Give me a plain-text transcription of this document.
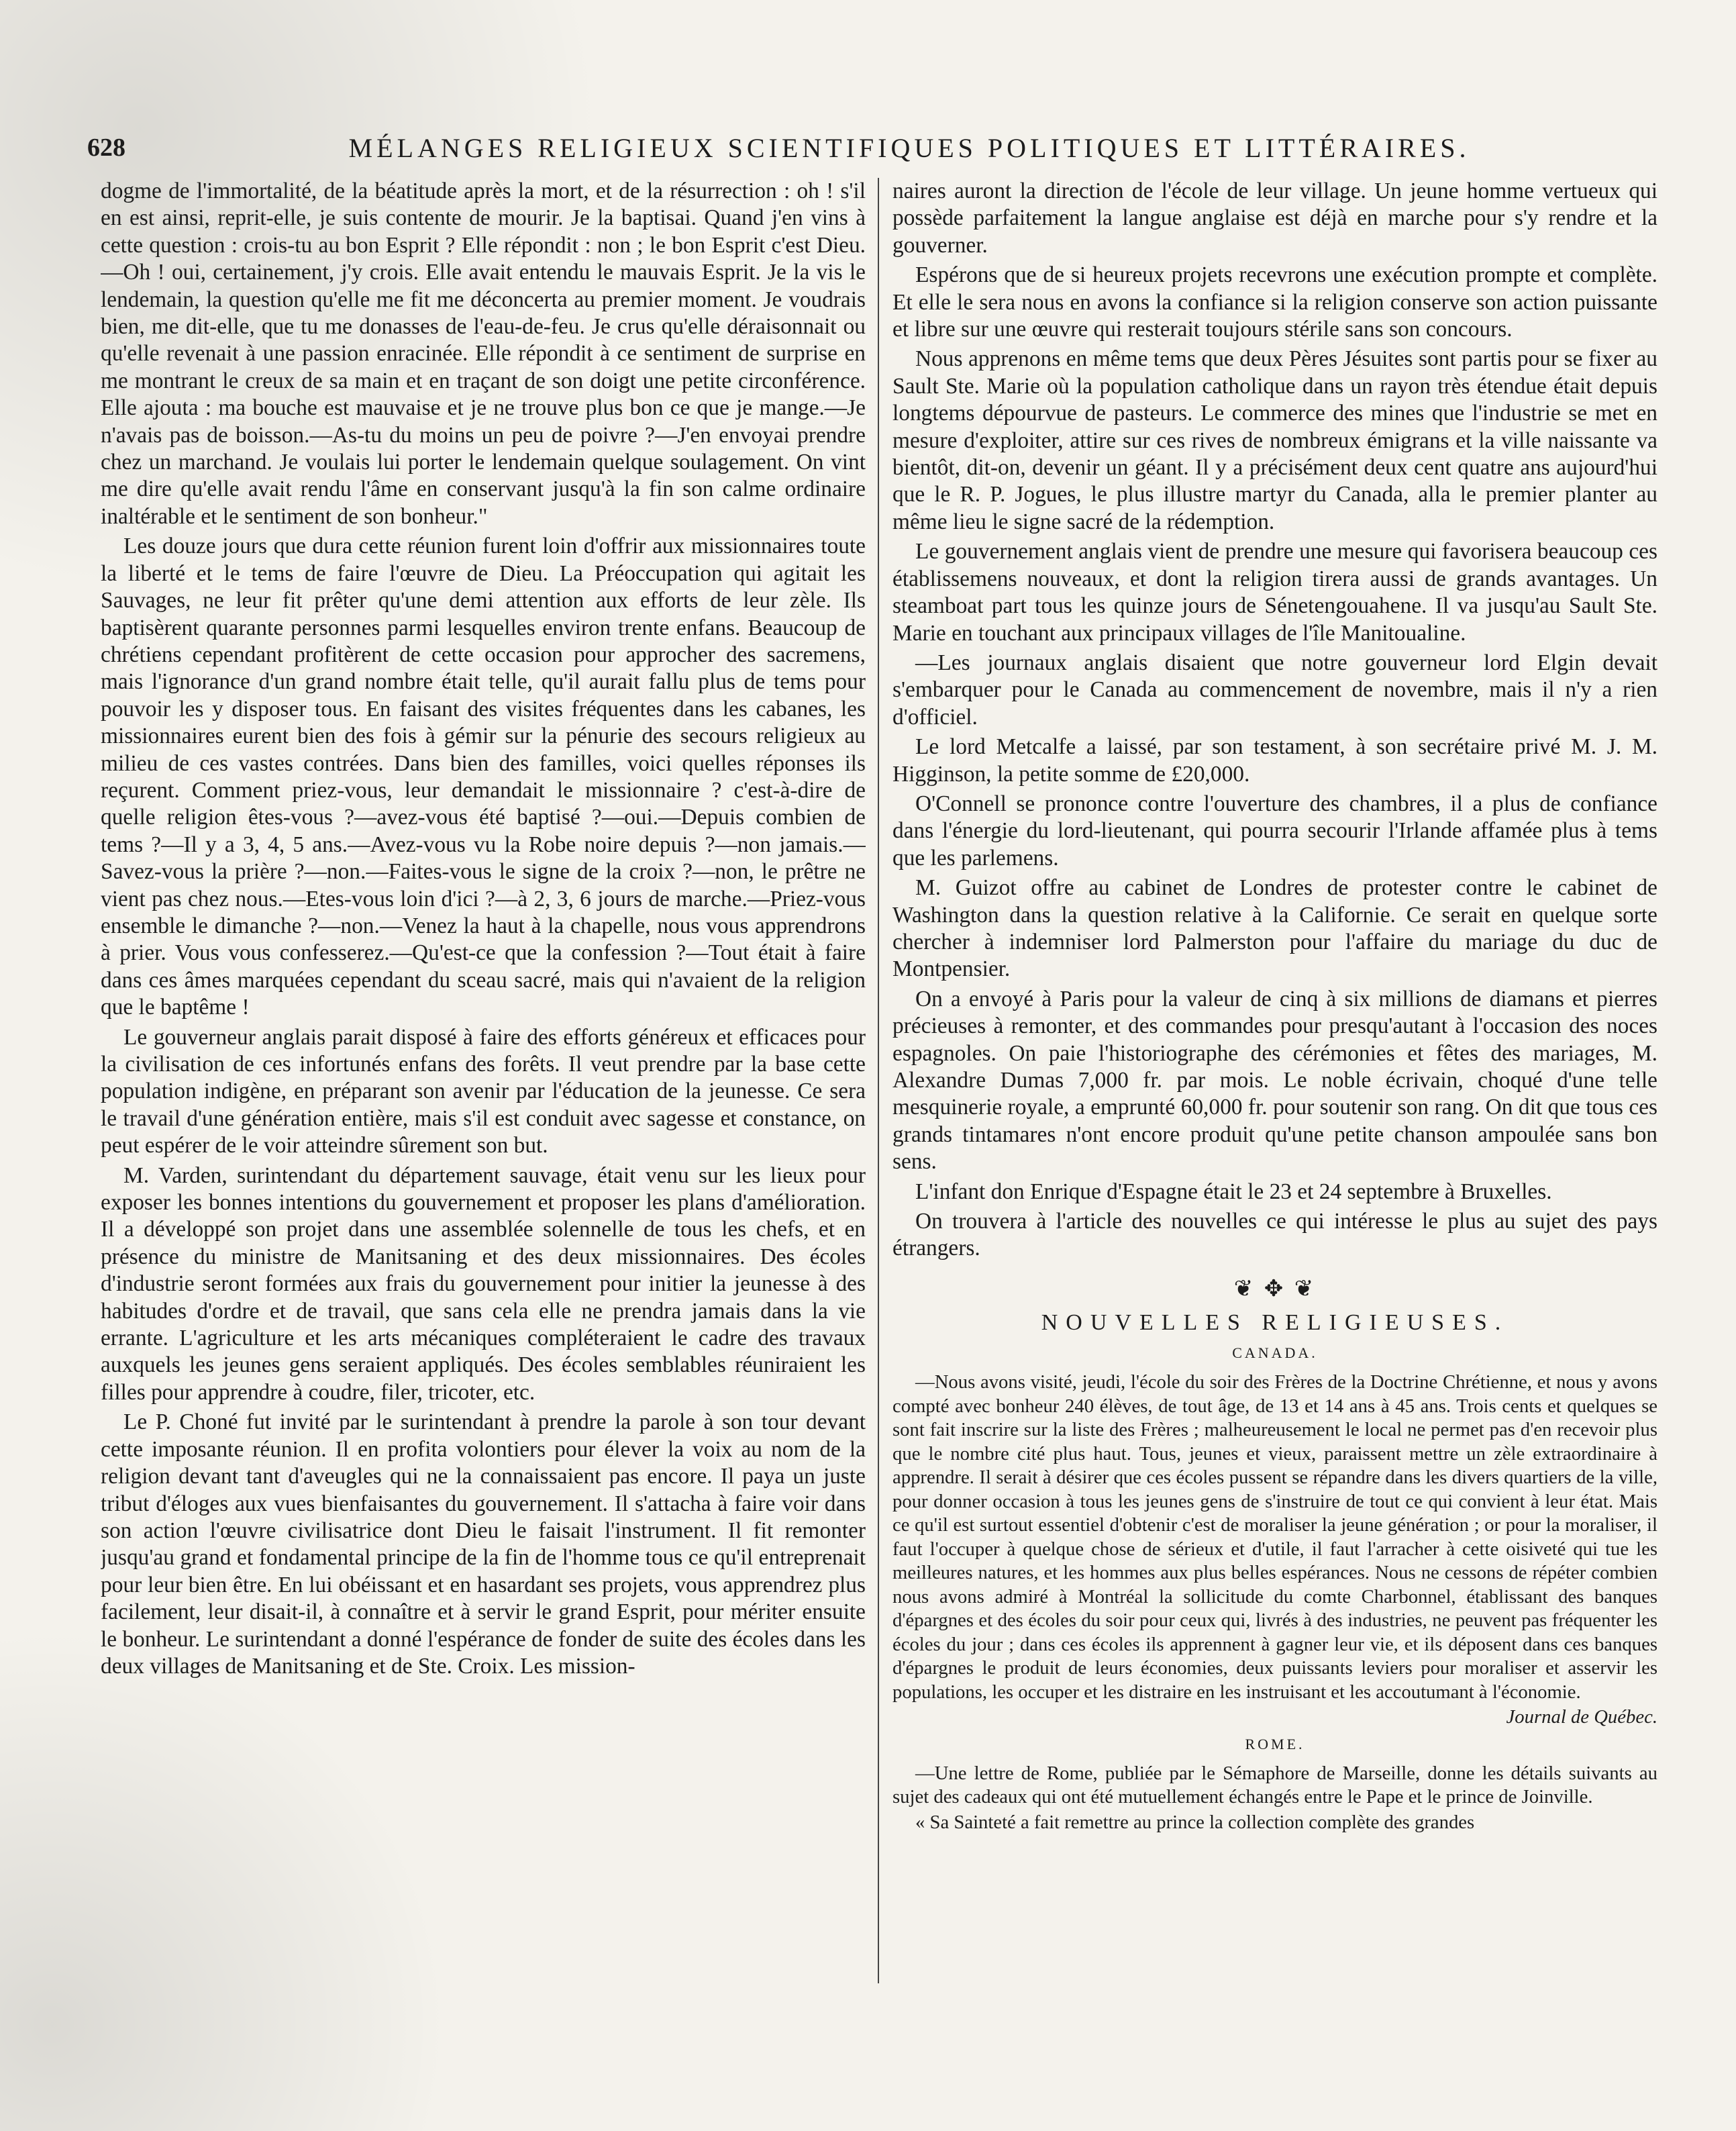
628	MÉLANGES RELIGIEUX SCIENTIFIQUES POLITIQUES ET LITTÉRAIRES.

dogme de l'immortalité, de la béatitude après la mort, et de la résurrection : oh ! s'il en est ainsi, reprit-elle, je suis contente de mourir. Je la baptisai. Quand j'en vins à cette question : crois-tu au bon Esprit ? Elle répondit : non ; le bon Esprit c'est Dieu.—Oh ! oui, certainement, j'y crois. Elle avait entendu le mauvais Esprit. Je la vis le lendemain, la question qu'elle me fit me déconcerta au premier moment. Je voudrais bien, me dit-elle, que tu me donasses de l'eau-de-feu. Je crus qu'elle déraisonnait ou qu'elle revenait à une passion enracinée. Elle répondit à ce sentiment de surprise en me montrant le creux de sa main et en traçant de son doigt une petite circonférence. Elle ajouta : ma bouche est mauvaise et je ne trouve plus bon ce que je mange.—Je n'avais pas de boisson.—As-tu du moins un peu de poivre ?—J'en envoyai prendre chez un marchand. Je voulais lui porter le lendemain quelque soulagement. On vint me dire qu'elle avait rendu l'âme en conservant jusqu'à la fin son calme ordinaire inaltérable et le sentiment de son bonheur."

Les douze jours que dura cette réunion furent loin d'offrir aux missionnaires toute la liberté et le tems de faire l'œuvre de Dieu. La Préoccupation qui agitait les Sauvages, ne leur fit prêter qu'une demi attention aux efforts de leur zèle. Ils baptisèrent quarante personnes parmi lesquelles environ trente enfans. Beaucoup de chrétiens cependant profitèrent de cette occasion pour approcher des sacremens, mais l'ignorance d'un grand nombre était telle, qu'il aurait fallu plus de tems pour pouvoir les y disposer tous. En faisant des visites fréquentes dans les cabanes, les missionnaires eurent bien des fois à gémir sur la pénurie des secours religieux au milieu de ces vastes contrées. Dans bien des familles, voici quelles réponses ils reçurent. Comment priez-vous, leur demandait le missionnaire ? c'est-à-dire de quelle religion êtes-vous ?—avez-vous été baptisé ?—oui.—Depuis combien de tems ?—Il y a 3, 4, 5 ans.—Avez-vous vu la Robe noire depuis ?—non jamais.—Savez-vous la prière ?—non.—Faites-vous le signe de la croix ?—non, le prêtre ne vient pas chez nous.—Etes-vous loin d'ici ?—à 2, 3, 6 jours de marche.—Priez-vous ensemble le dimanche ?—non.—Venez la haut à la chapelle, nous vous apprendrons à prier. Vous vous confesserez.—Qu'est-ce que la confession ?—Tout était à faire dans ces âmes marquées cependant du sceau sacré, mais qui n'avaient de la religion que le baptême !

Le gouverneur anglais parait disposé à faire des efforts généreux et efficaces pour la civilisation de ces infortunés enfans des forêts. Il veut prendre par la base cette population indigène, en préparant son avenir par l'éducation de la jeunesse. Ce sera le travail d'une génération entière, mais s'il est conduit avec sagesse et constance, on peut espérer de le voir atteindre sûrement son but.

M. Varden, surintendant du département sauvage, était venu sur les lieux pour exposer les bonnes intentions du gouvernement et proposer les plans d'amélioration. Il a développé son projet dans une assemblée solennelle de tous les chefs, et en présence du ministre de Manitsaning et des deux missionnaires. Des écoles d'industrie seront formées aux frais du gouvernement pour initier la jeunesse à des habitudes d'ordre et de travail, que sans cela elle ne prendra jamais dans la vie errante. L'agriculture et les arts mécaniques compléteraient le cadre des travaux auxquels les jeunes gens seraient appliqués. Des écoles semblables réuniraient les filles pour apprendre à coudre, filer, tricoter, etc.

Le P. Choné fut invité par le surintendant à prendre la parole à son tour devant cette imposante réunion. Il en profita volontiers pour élever la voix au nom de la religion devant tant d'aveugles qui ne la connaissaient pas encore. Il paya un juste tribut d'éloges aux vues bienfaisantes du gouvernement. Il s'attacha à faire voir dans son action l'œuvre civilisatrice dont Dieu le faisait l'instrument. Il fit remonter jusqu'au grand et fondamental principe de la fin de l'homme tous ce qu'il entreprenait pour leur bien être. En lui obéissant et en hasardant ses projets, vous apprendrez plus facilement, leur disait-il, à connaître et à servir le grand Esprit, pour mériter ensuite le bonheur. Le surintendant a donné l'espérance de fonder de suite des écoles dans les deux villages de Manitsaning et de Ste. Croix. Les mission-

naires auront la direction de l'école de leur village. Un jeune homme vertueux qui possède parfaitement la langue anglaise est déjà en marche pour s'y rendre et la gouverner.

Espérons que de si heureux projets recevrons une exécution prompte et complète. Et elle le sera nous en avons la confiance si la religion conserve son action puissante et libre sur une œuvre qui resterait toujours stérile sans son concours.

Nous apprenons en même tems que deux Pères Jésuites sont partis pour se fixer au Sault Ste. Marie où la population catholique dans un rayon très étendue était depuis longtems dépourvue de pasteurs. Le commerce des mines que l'industrie se met en mesure d'exploiter, attire sur ces rives de nombreux émigrans et la ville naissante va bientôt, dit-on, devenir un géant. Il y a précisément deux cent quatre ans aujourd'hui que le R. P. Jogues, le plus illustre martyr du Canada, alla le premier planter au même lieu le signe sacré de la rédemption.

Le gouvernement anglais vient de prendre une mesure qui favorisera beaucoup ces établissemens nouveaux, et dont la religion tirera aussi de grands avantages. Un steamboat part tous les quinze jours de Sénetengouahene. Il va jusqu'au Sault Ste. Marie en touchant aux principaux villages de l'île Manitoualine.

—Les journaux anglais disaient que notre gouverneur lord Elgin devait s'embarquer pour le Canada au commencement de novembre, mais il n'y a rien d'officiel.

Le lord Metcalfe a laissé, par son testament, à son secrétaire privé M. J. M. Higginson, la petite somme de £20,000.

O'Connell se prononce contre l'ouverture des chambres, il a plus de confiance dans l'énergie du lord-lieutenant, qui pourra secourir l'Irlande affamée plus à tems que les parlemens.

M. Guizot offre au cabinet de Londres de protester contre le cabinet de Washington dans la question relative à la Californie. Ce serait en quelque sorte chercher à indemniser lord Palmerston pour l'affaire du mariage du duc de Montpensier.

On a envoyé à Paris pour la valeur de cinq à six millions de diamans et pierres précieuses à remonter, et des commandes pour presqu'autant à l'occasion des noces espagnoles. On paie l'historiographe des cérémonies et fêtes des mariages, M. Alexandre Dumas 7,000 fr. par mois. Le noble écrivain, choqué d'une telle mesquinerie royale, a emprunté 60,000 fr. pour soutenir son rang. On dit que tous ces grands tintamares n'ont encore produit qu'une petite chanson ampoulée sans bon sens.

L'infant don Enrique d'Espagne était le 23 et 24 septembre à Bruxelles.

On trouvera à l'article des nouvelles ce qui intéresse le plus au sujet des pays étrangers.

❦ ✥ ❦
NOUVELLES RELIGIEUSES.
CANADA.

—Nous avons visité, jeudi, l'école du soir des Frères de la Doctrine Chrétienne, et nous y avons compté avec bonheur 240 élèves, de tout âge, de 13 et 14 ans à 45 ans. Trois cents et quelques se sont fait inscrire sur la liste des Frères ; malheureusement le local ne permet pas d'en recevoir plus que le nombre cité plus haut. Tous, jeunes et vieux, paraissent mettre un zèle extraordinaire à apprendre. Il serait à désirer que ces écoles pussent se répandre dans les divers quartiers de la ville, pour donner occasion à tous les jeunes gens de s'instruire de tout ce qui convient à leur état. Mais ce qu'il est surtout essentiel d'obtenir c'est de moraliser la jeune génération ; or pour la moraliser, il faut l'occuper à quelque chose de sérieux et d'utile, il faut l'arracher à cette oisiveté qui tue les meilleures natures, et les hommes aux plus belles espérances. Nous ne cessons de répéter combien nous avons admiré à Montréal la sollicitude du comte Charbonnel, établissant des banques d'épargnes et des écoles du soir pour ceux qui, livrés à des industries, ne peuvent pas fréquenter les écoles du jour ; dans ces écoles ils apprennent à gagner leur vie, et ils déposent dans ces banques d'épargnes le produit de leurs économies, deux puissants leviers pour moraliser et asservir les populations, les occuper et les distraire en les instruisant et les accoutumant à l'économie.

Journal de Québec.

ROME.

—Une lettre de Rome, publiée par le Sémaphore de Marseille, donne les détails suivants au sujet des cadeaux qui ont été mutuellement échangés entre le Pape et le prince de Joinville.

« Sa Sainteté a fait remettre au prince la collection complète des grandes
